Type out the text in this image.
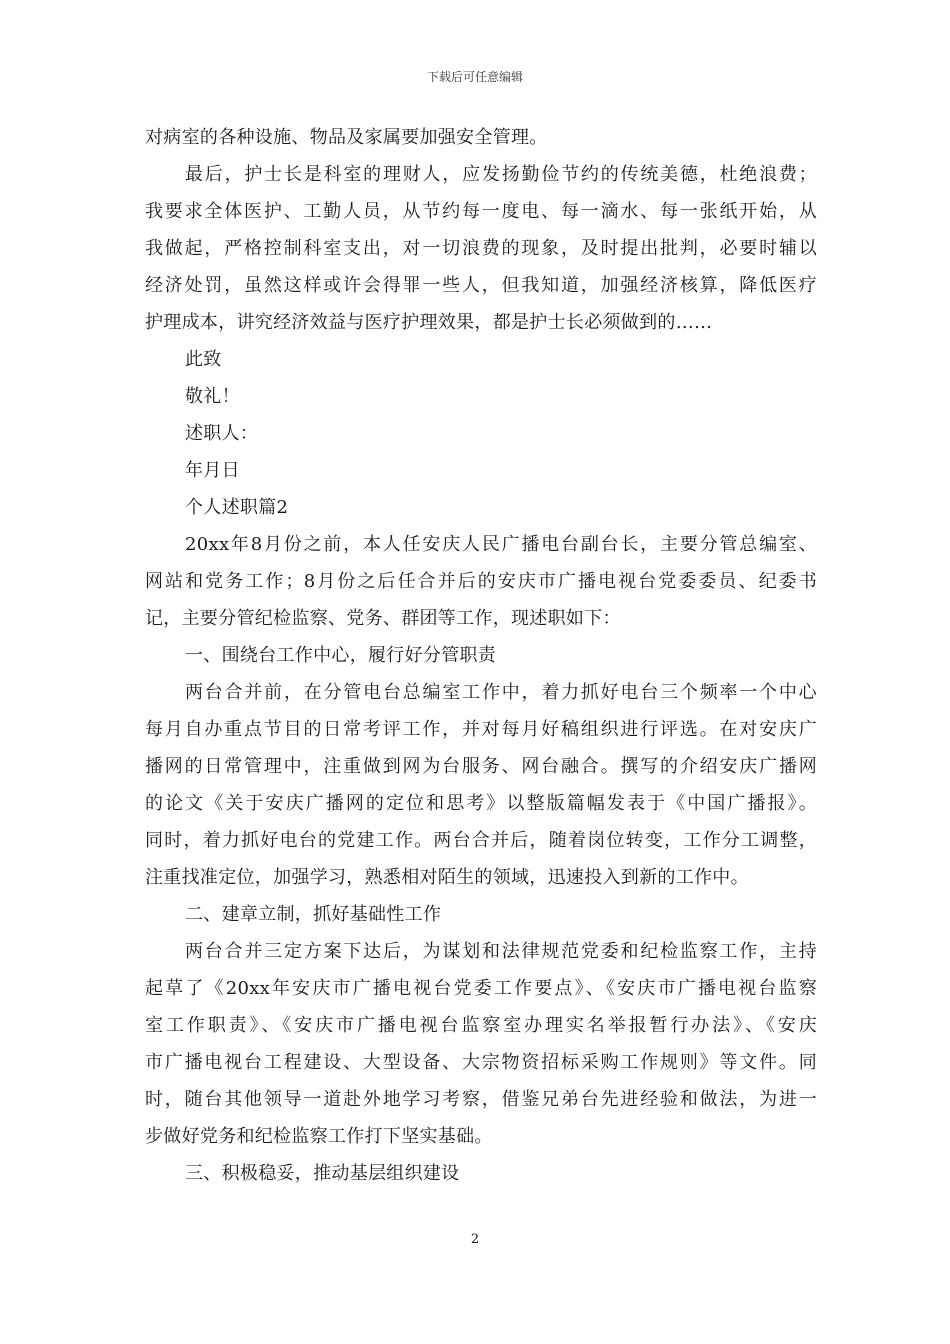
下载后可任意编辑
对病室的各种设施、物品及家属要加强安全管理。
最后，护士长是科室的理财人，应发扬勤俭节约的传统美德，杜绝浪费；
我要求全体医护、工勤人员，从节约每一度电、每一滴水、每一张纸开始，从
我做起，严格控制科室支出，对一切浪费的现象，及时提出批判，必要时辅以
经济处罚，虽然这样或许会得罪一些人，但我知道，加强经济核算，降低医疗
护理成本，讲究经济效益与医疗护理效果，都是护士长必须做到的……
此致
敬礼！
述职人：
年月日
个人述职篇2
20xx年8月份之前，本人任安庆人民广播电台副台长，主要分管总编室、
网站和党务工作；8月份之后任合并后的安庆市广播电视台党委委员、纪委书
记，主要分管纪检监察、党务、群团等工作，现述职如下：
一、围绕台工作中心，履行好分管职责
两台合并前，在分管电台总编室工作中，着力抓好电台三个频率一个中心
每月自办重点节目的日常考评工作，并对每月好稿组织进行评选。在对安庆广
播网的日常管理中，注重做到网为台服务、网台融合。撰写的介绍安庆广播网
的论文《关于安庆广播网的定位和思考》以整版篇幅发表于《中国广播报》。
同时，着力抓好电台的党建工作。两台合并后，随着岗位转变，工作分工调整，
注重找准定位，加强学习，熟悉相对陌生的领域，迅速投入到新的工作中。
二、建章立制，抓好基础性工作
两台合并三定方案下达后，为谋划和法律规范党委和纪检监察工作，主持
起草了《20xx年安庆市广播电视台党委工作要点》、《安庆市广播电视台监察
室工作职责》、《安庆市广播电视台监察室办理实名举报暂行办法》、《安庆
市广播电视台工程建设、大型设备、大宗物资招标采购工作规则》等文件。同
时，随台其他领导一道赴外地学习考察，借鉴兄弟台先进经验和做法，为进一
步做好党务和纪检监察工作打下坚实基础。
三、积极稳妥，推动基层组织建设
2
